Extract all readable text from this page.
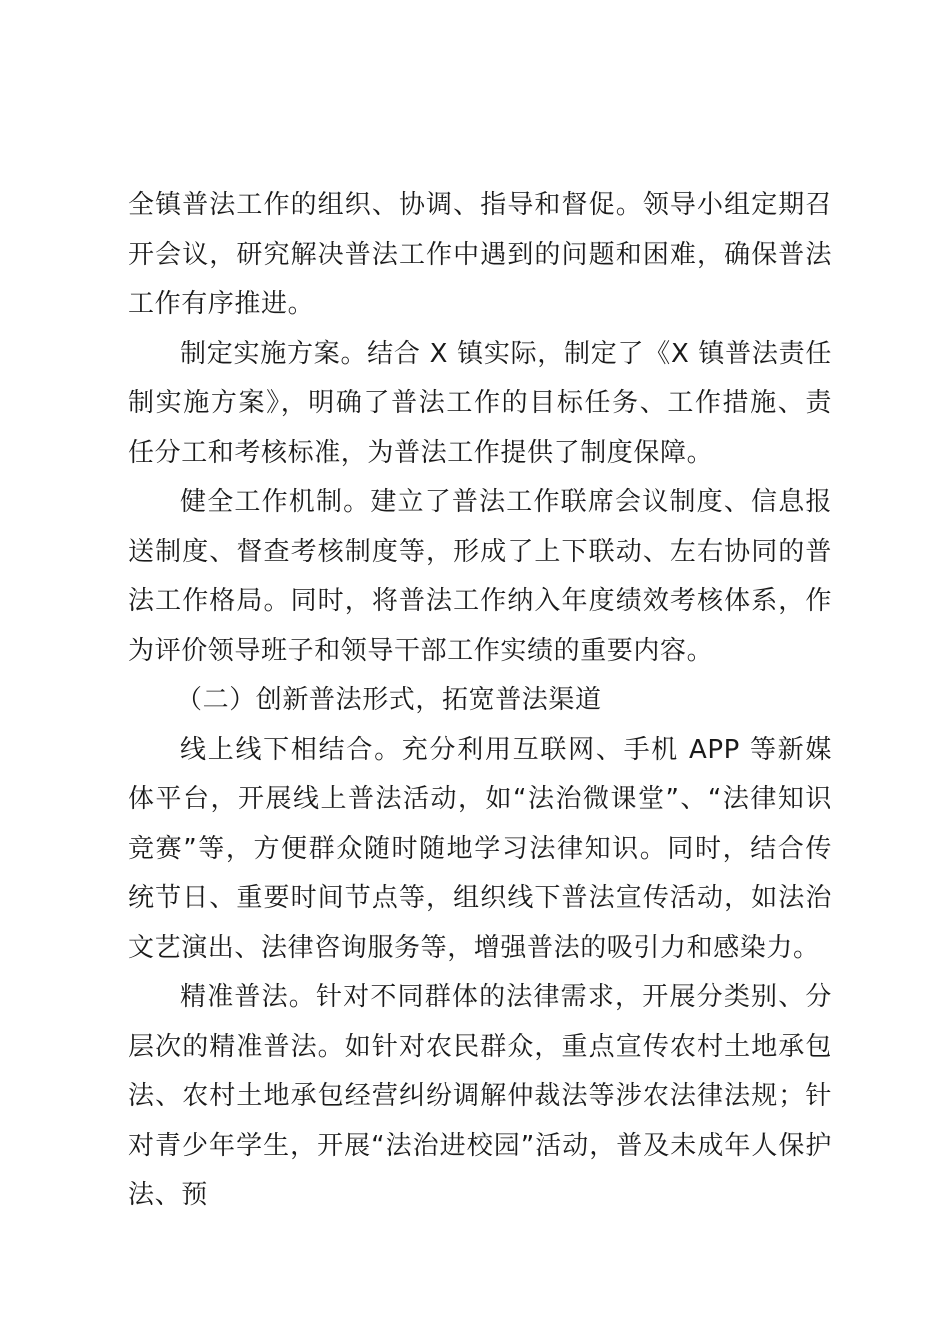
全镇普法工作的组织、协调、指导和督促。领导小组定期召开会议，研究解决普法工作中遇到的问题和困难，确保普法工作有序推进。

制定实施方案。结合 X 镇实际，制定了《X 镇普法责任制实施方案》，明确了普法工作的目标任务、工作措施、责任分工和考核标准，为普法工作提供了制度保障。

健全工作机制。建立了普法工作联席会议制度、信息报送制度、督查考核制度等，形成了上下联动、左右协同的普法工作格局。同时，将普法工作纳入年度绩效考核体系，作为评价领导班子和领导干部工作实绩的重要内容。

（二）创新普法形式，拓宽普法渠道

线上线下相结合。充分利用互联网、手机 APP 等新媒体平台，开展线上普法活动，如“法治微课堂”、“法律知识竞赛”等，方便群众随时随地学习法律知识。同时，结合传统节日、重要时间节点等，组织线下普法宣传活动，如法治文艺演出、法律咨询服务等，增强普法的吸引力和感染力。

精准普法。针对不同群体的法律需求，开展分类别、分层次的精准普法。如针对农民群众，重点宣传农村土地承包法、农村土地承包经营纠纷调解仲裁法等涉农法律法规；针对青少年学生，开展“法治进校园”活动，普及未成年人保护法、预
